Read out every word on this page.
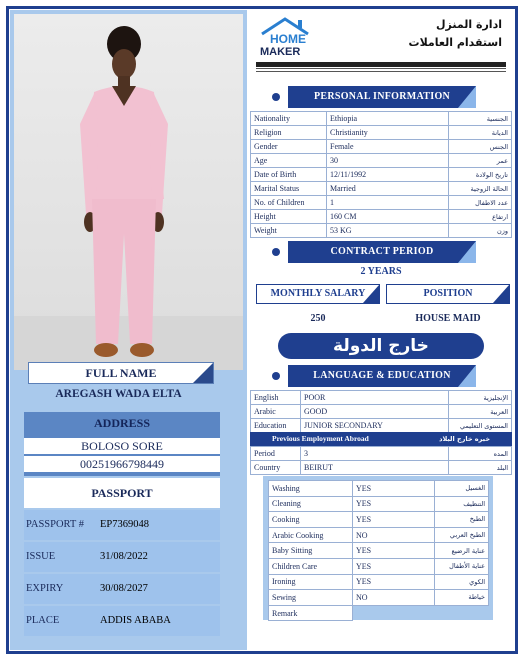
FULL NAME
AREGASH WADA ELTA
ADDRESS
BOLOSO SORE
00251966798449
PASSPORT
PASSPORT # EP7369048
ISSUE	31/08/2022
EXPIRY	30/08/2027
PLACE	ADDIS ABABA
HOME
MAKER
ادارة المنزل
استقدام العاملات
PERSONAL INFORMATION
Nationality	Ethiopia	الجنسية
Religion	Christianity	الديانة
Gender	Female	الجنس
Age	30	عمر
Date of Birth	12/11/1992	تاريخ الولادة
Marital Status	Married	الحالة الزوجية
No. of Children	1	عدد الاطفال
Height	160 CM	ارتفاع
Weight	53 KG	وزن
CONTRACT PERIOD
2 YEARS
MONTHLY SALARY	POSITION
250	HOUSE MAID
خارج الدولة
LANGUAGE & EDUCATION
English	POOR	الإنجليزية
Arabic	GOOD	العربية
Education	JUNIOR SECONDARY	المستوى التعليمي
Previous Employment Abroad	خبره خارج البلاد
Period	3	المده
Country	BEIRUT	البلد
Washing	YES	الغسيل
Cleaning	YES	التنظيف
Cooking	YES	الطبخ
Arabic Cooking	NO	الطبخ العربي
Baby Sitting	YES	عناية الرضيع
Children Care	YES	عناية الأطفال
Ironing	YES	الكوي
Sewing	NO	خياطة
Remark		
